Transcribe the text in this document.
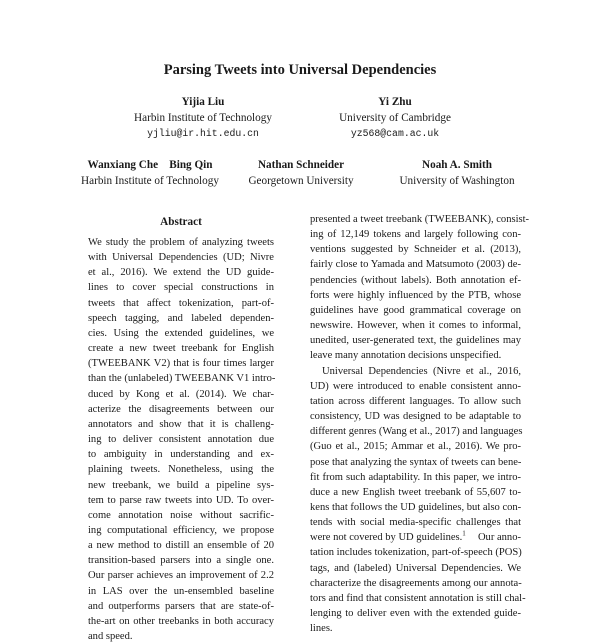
Parsing Tweets into Universal Dependencies
Yijia Liu
Harbin Institute of Technology
yjliu@ir.hit.edu.cn
Yi Zhu
University of Cambridge
yz568@cam.ac.uk
Wanxiang Che    Bing Qin
Harbin Institute of Technology
Nathan Schneider
Georgetown University
Noah A. Smith
University of Washington
Abstract
We study the problem of analyzing tweets
with Universal Dependencies (UD; Nivre
et al., 2016). We extend the UD guide-
lines to cover special constructions in
tweets that affect tokenization, part-of-
speech tagging, and labeled dependen-
cies. Using the extended guidelines, we
create a new tweet treebank for English
(TWEEBANK V2) that is four times larger
than the (unlabeled) TWEEBANK V1 intro-
duced by Kong et al. (2014). We char-
acterize the disagreements between our
annotators and show that it is challeng-
ing to deliver consistent annotation due
to ambiguity in understanding and ex-
plaining tweets. Nonetheless, using the
new treebank, we build a pipeline sys-
tem to parse raw tweets into UD. To over-
come annotation noise without sacrific-
ing computational efficiency, we propose
a new method to distill an ensemble of 20
transition-based parsers into a single one.
Our parser achieves an improvement of 2.2
in LAS over the un-ensembled baseline
and outperforms parsers that are state-of-
the-art on other treebanks in both accuracy
and speed.
presented a tweet treebank (TWEEBANK), consist-
ing of 12,149 tokens and largely following con-
ventions suggested by Schneider et al. (2013),
fairly close to Yamada and Matsumoto (2003) de-
pendencies (without labels). Both annotation ef-
forts were highly influenced by the PTB, whose
guidelines have good grammatical coverage on
newswire. However, when it comes to informal,
unedited, user-generated text, the guidelines may
leave many annotation decisions unspecified.
Universal Dependencies (Nivre et al., 2016,
UD) were introduced to enable consistent anno-
tation across different languages. To allow such
consistency, UD was designed to be adaptable to
different genres (Wang et al., 2017) and languages
(Guo et al., 2015; Ammar et al., 2016). We pro-
pose that analyzing the syntax of tweets can bene-
fit from such adaptability. In this paper, we intro-
duce a new English tweet treebank of 55,607 to-
kens that follows the UD guidelines, but also con-
tends with social media-specific challenges that
were not covered by UD guidelines.$^1$ Our anno-
tation includes tokenization, part-of-speech (POS)
tags, and (labeled) Universal Dependencies. We
characterize the disagreements among our annota-
tors and find that consistent annotation is still chal-
lenging to deliver even with the extended guide-
lines.
